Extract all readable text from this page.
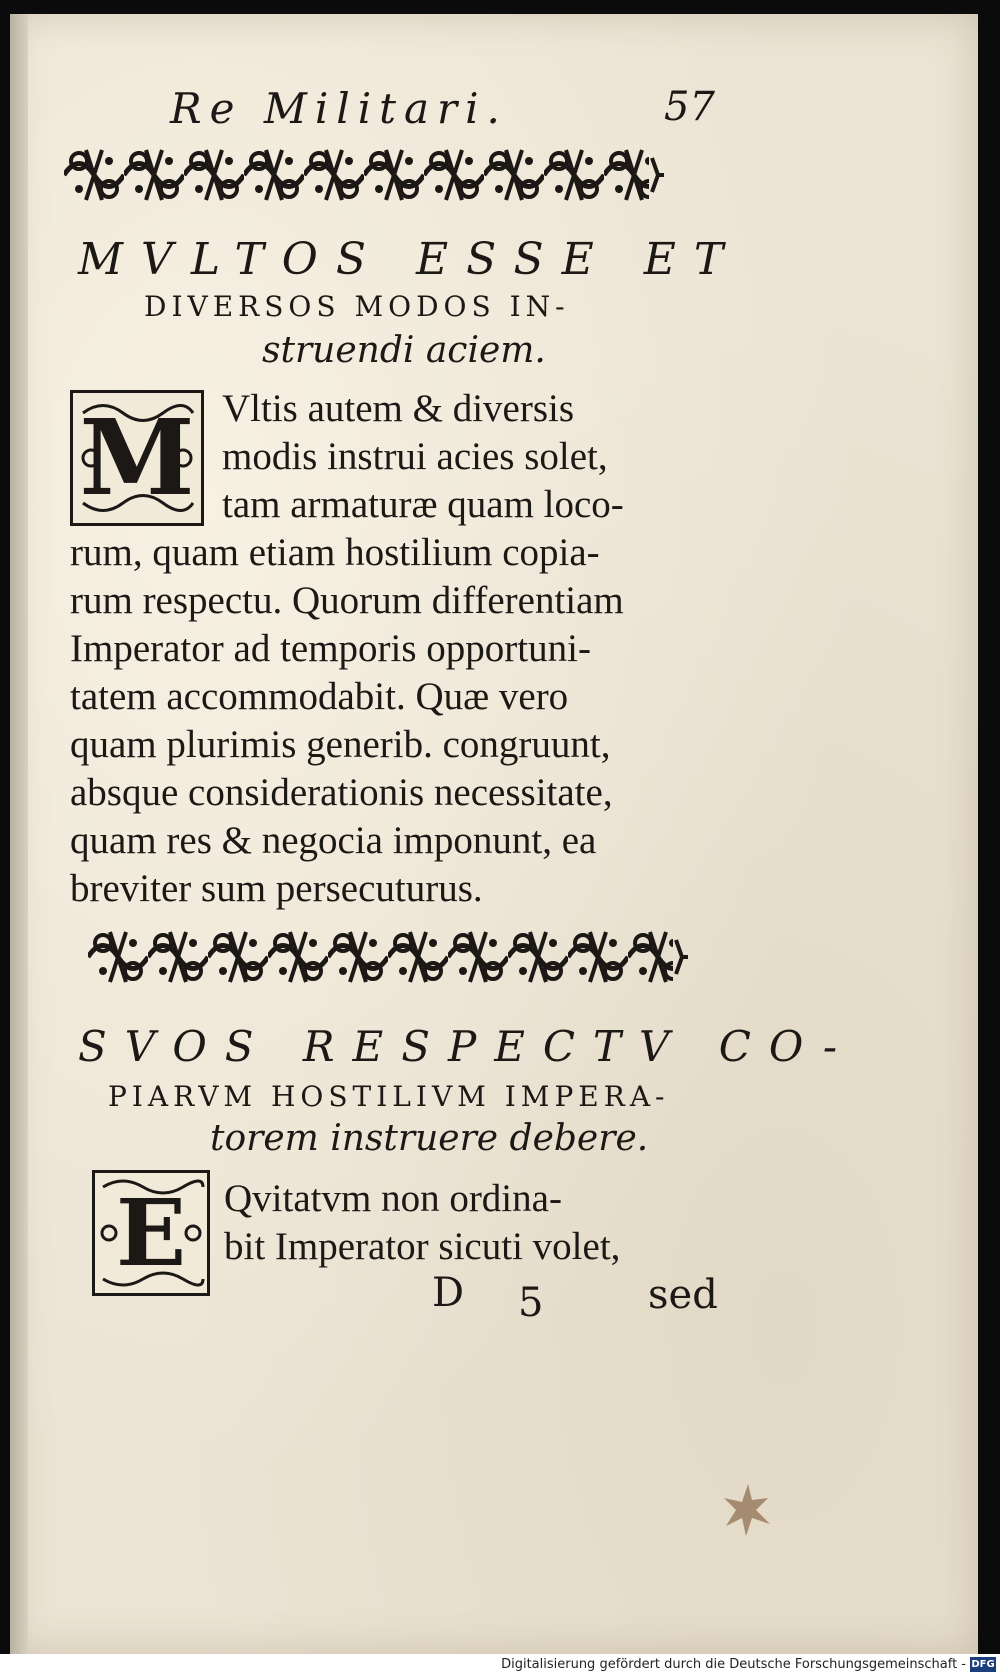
Re Militari.	57
MVLTOS ESSE ET
DIVERSOS MODOS IN-
struendi aciem.
M Vltis autem & diversis
modis instrui acies solet,
tam armaturæ quam loco-
rum, quam etiam hostilium copia-
rum respectu. Quorum differentiam
Imperator ad temporis opportuni-
tatem accommodabit. Quæ vero
quam plurimis generib. congruunt,
absque considerationis necessitate,
quam res & negocia imponunt, ea
breviter sum persecuturus.
SVOS RESPECTV CO-
PIARVM HOSTILIVM IMPERA-
torem instruere debere.
E Qvitatvm non ordina-
bit Imperator sicuti volet,
D 5	sed
Digitalisierung gefördert durch die Deutsche Forschungsgemeinschaft - DFG
